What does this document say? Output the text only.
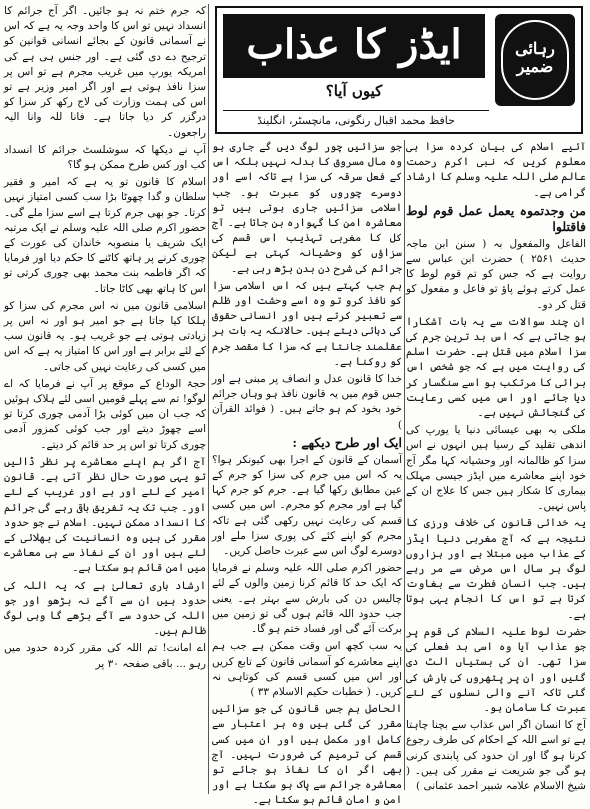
رہائی ضمیر
ایڈز کا عذاب
کیوں آیا؟
حافظ محمد اقبال رنگونی، مانچسٹر، انگلینڈ

کہ جرم ختم نہ ہو جائیں۔ اگر آج جرائم کا انسداد نہیں تو اس کا واحد وجہ یہ ہے کہ اس نے آسمانی قانون کے بجائے انسانی قوانین کو ترجیح دے دی گئی ہے۔ اور جنس ہی ہے کی امریکہ یورپ میں غریب مجرم ہے تو اس پر سزا نافذ ہوتی ہے اور اگر امیر وزیر ہے تو اس کی ہمت وزارت کی لاج رکھ کر سزا کو درگزر کر دیا جاتا ہے۔ فانا للہ وانا الیہ راجعون۔

آپ نے دیکھا کہ سوشلسٹ جرائم کا انسداد کب اور کس طرح ممکن ہو گا؟

اسلام کا قانون تو یہ ہے کہ امیر و فقیر سلطان و گدا چھوٹا بڑا سب کسی امتیاز نہیں کرتا۔ جو بھی جرم کرتا ہے اسے سزا ملے گی۔ حضور اکرم صلی اللہ علیہ وسلم نے ایک مرتبہ ایک شریف یا منصوبہ خاندان کی عورت کے چوری کرنے پر ہاتھ کاٹنے کا حکم دیا اور فرمایا کہ اگر فاطمہ بنت محمد بھی چوری کرتی تو اس کا ہاتھ بھی کاٹا جاتا۔

اسلامی قانون میں نہ اس مجرم کی سزا کو ہلکا کیا جاتا ہے جو امیر ہو اور نہ اس پر زیادتی ہوتی ہے جو غریب ہو۔ یہ قانون سب کے لئے برابر ہے اور اس کا امتیاز یہ ہے کہ اس میں کسی کی رعایت نہیں کی جاتی۔

حجۃ الوداع کے موقع پر آپ نے فرمایا کہ اے لوگو! تم سے پہلے قومیں اسی لئے ہلاک ہوئیں کہ جب ان میں کوئی بڑا آدمی چوری کرتا تو اسے چھوڑ دیتے اور جب کوئی کمزور آدمی چوری کرتا تو اس پر حد قائم کر دیتے۔

آج اگر ہم اپنے معاشرے پر نظر ڈالیں تو یہی صورت حال نظر آتی ہے۔ قانون امیر کے لئے اور ہے اور غریب کے لئے اور۔ جب تک یہ تفریق باقی رہے گی جرائم کا انسداد ممکن نہیں۔ اسلام نے جو حدود مقرر کی ہیں وہ انسانیت کی بھلائی کے لئے ہیں اور ان کے نفاذ سے ہی معاشرے میں امن قائم ہو سکتا ہے۔

ارشاد باری تعالیٰ ہے کہ یہ اللہ کی حدود ہیں ان سے آگے نہ بڑھو اور جو اللہ کی حدود سے آگے بڑھے گا وہی لوگ ظالم ہیں۔

اے امانت! تم اللہ کی مقرر کردہ حدود میں رہو ... باقی صفحہ ۳۰ پر

جو سزائیں چور لوگ دیں گے جاری ہو وہ مال مسروق کا بدلہ نہیں بلکہ اس کے فعل سرقہ کی سزا ہے تاکہ اسے اور دوسرے چوروں کو عبرت ہو۔ جب اسلامی سزائیں جاری ہوتی ہیں تو معاشرہ امن کا گہوارہ بن جاتا ہے۔ آج کل کا مغربی تہذیب اس قسم کی سزاؤں کو وحشیانہ کہتی ہے لیکن جرائم کی شرح دن بدن بڑھ رہی ہے۔

ہم جب کہتے ہیں کہ اس اسلامی سزا کو نافذ کرو تو وہ اسے وحشت اور ظلم سے تعبیر کرتے ہیں اور انسانی حقوق کی دہائی دیتے ہیں۔ حالانکہ یہ بات ہر عقلمند جانتا ہے کہ سزا کا مقصد جرم کو روکنا ہے۔

خدا کا قانون عدل و انصاف پر مبنی ہے اور جس قوم میں یہ قانون نافذ ہو وہاں جرائم خود بخود کم ہو جاتے ہیں۔ ( فوائد القرآن )

ایک اور طرح دیکھے :

آسمان کے قانون کے اجرا بھی کیونکر ہوا؟ یہ کہ اس میں جرم کی سزا کو جرم کے عین مطابق رکھا گیا ہے۔ جرم کو جرم کہا گیا ہے اور مجرم کو مجرم۔ اس میں کسی قسم کی رعایت نہیں رکھی گئی ہے تاکہ مجرم کو اپنے کئے کی پوری سزا ملے اور دوسرے لوگ اس سے عبرت حاصل کریں۔

حضور اکرم صلی اللہ علیہ وسلم نے فرمایا کہ ایک حد کا قائم کرنا زمین والوں کے لئے چالیس دن کی بارش سے بہتر ہے۔ یعنی جب حدود اللہ قائم ہوں گی تو زمین میں برکت آئے گی اور فساد ختم ہو گا۔

یہ سب کچھ اس وقت ممکن ہے جب ہم اپنے معاشرے کو آسمانی قانون کے تابع کریں اور اس میں کسی قسم کی کوتاہی نہ کریں۔ ( خطبات حکیم الاسلام ۳۳ )

الحاصل ہم جس قانون کی جو سزائیں مقرر کی گئی ہیں وہ ہر اعتبار سے کامل اور مکمل ہیں اور ان میں کسی قسم کی ترمیم کی ضرورت نہیں۔ آج بھی اگر ان کا نفاذ ہو جائے تو معاشرہ جرائم سے پاک ہو سکتا ہے اور امن و امان قائم ہو سکتا ہے۔

آئیے اسلام کی بیان کردہ سزا ہی معلوم کریں کہ نبی اکرم رحمت عالم صلی اللہ علیہ وسلم کا ارشاد گرامی ہے۔

من وجدتموہ یعمل عمل قوم لوط فاقتلوا

الفاعل والمفعول بہ ( سنن ابن ماجہ حدیث ۲۵۶۱ ) حضرت ابن عباس سے روایت ہے کہ جس کو تم قوم لوط کا عمل کرتے ہوئے پاؤ تو فاعل و مفعول کو قتل کر دو۔

ان چند سوالات سے یہ بات آشکارا ہو جاتی ہے کہ اس بد ترین جرم کی سزا اسلام میں قتل ہے۔ حضرت اسلم کی روایت میں ہے کہ جو شخص اس برائی کا مرتکب ہو اسے سنگسار کر دیا جائے اور اس میں کسی رعایت کی گنجائش نہیں ہے۔

ملکی بہ بھی عیسائی دنیا یا یورپ کی اندھی تقلید کے رسیا ہیں انہوں نے اس سزا کو ظالمانہ اور وحشیانہ کہا مگر آج خود اپنے معاشرے میں ایڈز جیسی مہلک بیماری کا شکار ہیں جس کا علاج ان کے پاس نہیں۔

یہ خدائی قانون کی خلاف ورزی کا نتیجہ ہے کہ آج مغربی دنیا ایڈز کے عذاب میں مبتلا ہے اور ہزاروں لوگ ہر سال اس مرض سے مر رہے ہیں۔ جب انسان فطرت سے بغاوت کرتا ہے تو اس کا انجام یہی ہوتا ہے۔

حضرت لوط علیہ السلام کی قوم پر جو عذاب آیا وہ اسی بد فعلی کی سزا تھی۔ ان کی بستیاں الٹ دی گئیں اور ان پر پتھروں کی بارش کی گئی تاکہ آنے والی نسلوں کے لئے عبرت کا سامان ہو۔

آج کا انسان اگر اس عذاب سے بچنا چاہتا ہے تو اسے اللہ کے احکام کی طرف رجوع کرنا ہو گا اور ان حدود کی پابندی کرنی ہو گی جو شریعت نے مقرر کی ہیں۔ ( شیخ الاسلام علامہ شبیر احمد عثمانی )
